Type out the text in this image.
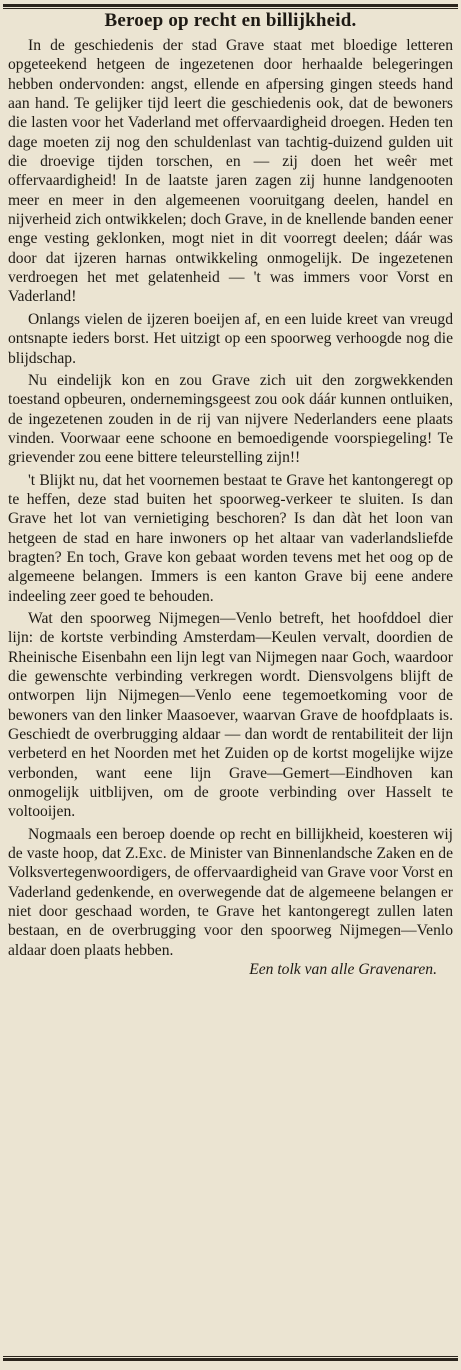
Beroep op recht en billijkheid.

In de geschiedenis der stad Grave staat met bloedige letteren opgeteekend hetgeen de ingezetenen door herhaalde belegeringen hebben ondervonden: angst, ellende en afpersing gingen steeds hand aan hand. Te gelijker tijd leert die geschiedenis ook, dat de bewoners die lasten voor het Vaderland met offervaardigheid droegen. Heden ten dage moeten zij nog den schuldenlast van tachtig-duizend gulden uit die droevige tijden torschen, en — zij doen het weêr met offervaardigheid! In de laatste jaren zagen zij hunne landgenooten meer en meer in den algemeenen vooruitgang deelen, handel en nijverheid zich ontwikkelen; doch Grave, in de knellende banden eener enge vesting geklonken, mogt niet in dit voorregt deelen; dáár was door dat ijzeren harnas ontwikkeling onmogelijk. De ingezetenen verdroegen het met gelatenheid — 't was immers voor Vorst en Vaderland!

Onlangs vielen de ijzeren boeijen af, en een luide kreet van vreugd ontsnapte ieders borst. Het uitzigt op een spoorweg verhoogde nog die blijdschap.

Nu eindelijk kon en zou Grave zich uit den zorgwekkenden toestand opbeuren, ondernemingsgeest zou ook dáár kunnen ontluiken, de ingezetenen zouden in de rij van nijvere Nederlanders eene plaats vinden. Voorwaar eene schoone en bemoedigende voorspiegeling! Te grievender zou eene bittere teleurstelling zijn!!

't Blijkt nu, dat het voornemen bestaat te Grave het kantongeregt op te heffen, deze stad buiten het spoorweg-verkeer te sluiten. Is dan Grave het lot van vernietiging beschoren? Is dan dàt het loon van hetgeen de stad en hare inwoners op het altaar van vaderlandsliefde bragten? En toch, Grave kon gebaat worden tevens met het oog op de algemeene belangen. Immers is een kanton Grave bij eene andere indeeling zeer goed te behouden.

Wat den spoorweg Nijmegen—Venlo betreft, het hoofddoel dier lijn: de kortste verbinding Amsterdam—Keulen vervalt, doordien de Rheinische Eisenbahn een lijn legt van Nijmegen naar Goch, waardoor die gewenschte verbinding verkregen wordt. Diensvolgens blijft de ontworpen lijn Nijmegen—Venlo eene tegemoetkoming voor de bewoners van den linker Maasoever, waarvan Grave de hoofdplaats is. Geschiedt de overbrugging aldaar — dan wordt de rentabiliteit der lijn verbeterd en het Noorden met het Zuiden op de kortst mogelijke wijze verbonden, want eene lijn Grave—Gemert—Eindhoven kan onmogelijk uitblijven, om de groote verbinding over Hasselt te voltooijen.

Nogmaals een beroep doende op recht en billijkheid, koesteren wij de vaste hoop, dat Z.Exc. de Minister van Binnenlandsche Zaken en de Volksvertegenwoordigers, de offervaardigheid van Grave voor Vorst en Vaderland gedenkende, en overwegende dat de algemeene belangen er niet door geschaad worden, te Grave het kantongeregt zullen laten bestaan, en de overbrugging voor den spoorweg Nijmegen—Venlo aldaar doen plaats hebben.

Een tolk van alle Gravenaren.
